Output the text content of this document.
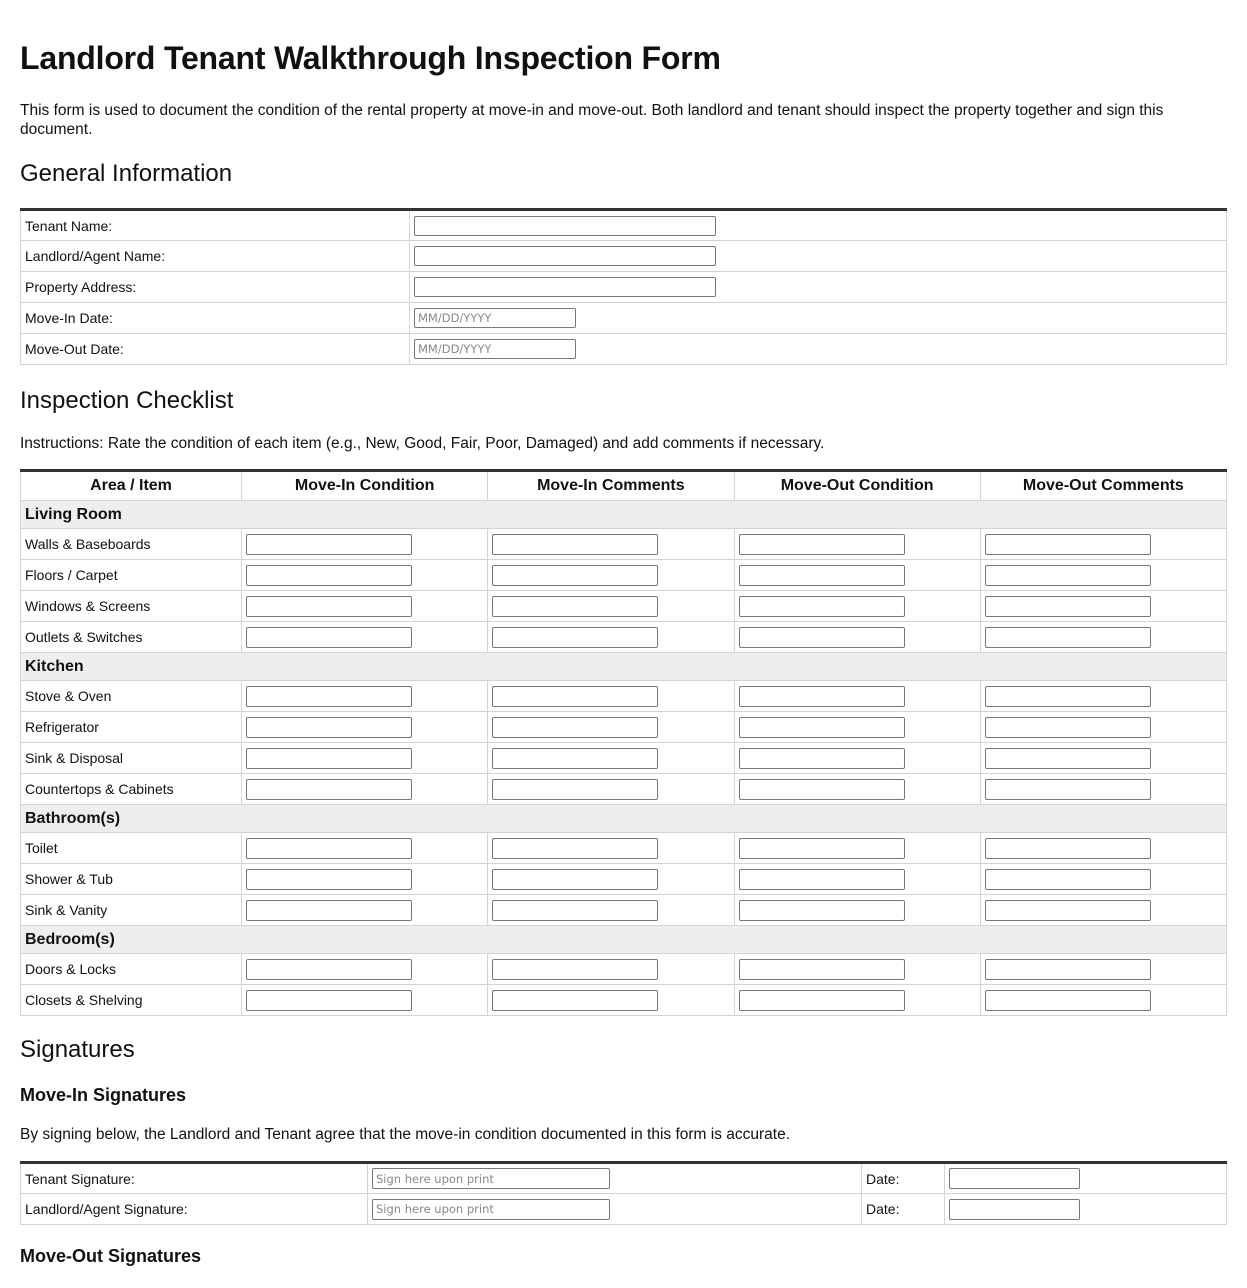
Landlord Tenant Walkthrough Inspection Form

This form is used to document the condition of the rental property at move-in and move-out. Both landlord and tenant should inspect the property together and sign this document.

General Information
Tenant Name:	
Landlord/Agent Name:	
Property Address:	
Move-In Date:	MM/DD/YYYY
Move-Out Date:	MM/DD/YYYY
Inspection Checklist

Instructions: Rate the condition of each item (e.g., New, Good, Fair, Poor, Damaged) and add comments if necessary.

Area / Item	Move-In Condition	Move-In Comments	Move-Out Condition	Move-Out Comments
Living Room				
Walls & Baseboards				
Floors / Carpet				
Windows & Screens				
Outlets & Switches				
Kitchen				
Stove & Oven				
Refrigerator				
Sink & Disposal				
Countertops & Cabinets				
Bathroom(s)				
Toilet				
Shower & Tub				
Sink & Vanity				
Bedroom(s)				
Doors & Locks				
Closets & Shelving				
Signatures
Move-In Signatures

By signing below, the Landlord and Tenant agree that the move-in condition documented in this form is accurate.

Tenant Signature:	Sign here upon print	Date:	
Landlord/Agent Signature:	Sign here upon print	Date:	
Move-Out Signatures
